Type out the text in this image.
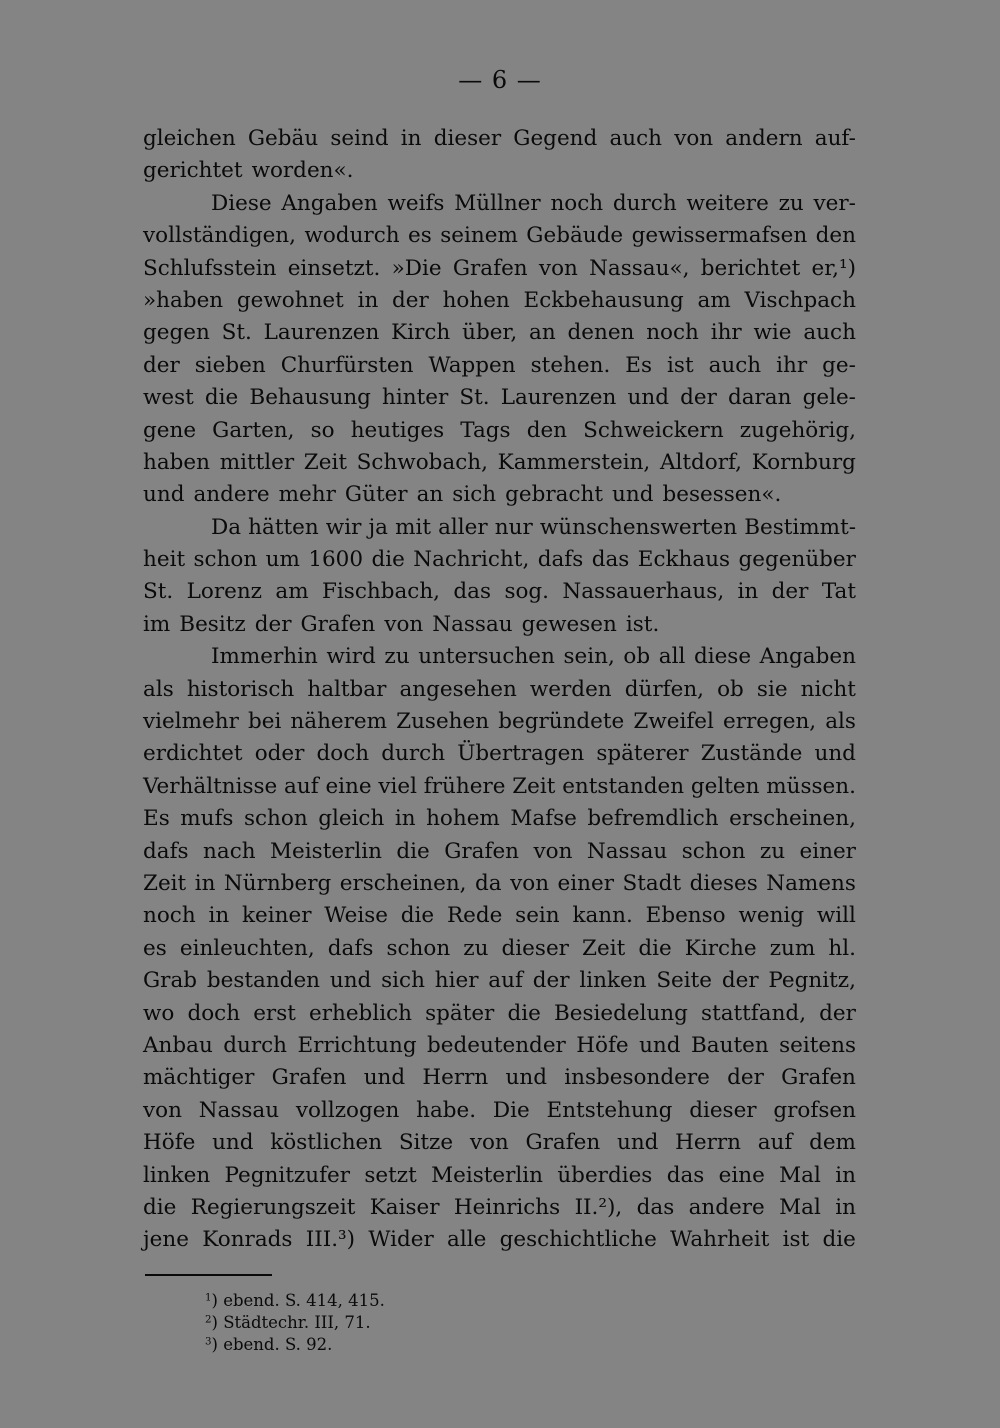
— 6 —
gleichen Gebäu seind in dieser Gegend auch von andern auf-
gerichtet worden«.
Diese Angaben weifs Müllner noch durch weitere zu ver-
vollständigen, wodurch es seinem Gebäude gewissermafsen den
Schlufsstein einsetzt. »Die Grafen von Nassau«, berichtet er,¹)
»haben gewohnet in der hohen Eckbehausung am Vischpach
gegen St. Laurenzen Kirch über, an denen noch ihr wie auch
der sieben Churfürsten Wappen stehen. Es ist auch ihr ge-
west die Behausung hinter St. Laurenzen und der daran gele-
gene Garten, so heutiges Tags den Schweickern zugehörig,
haben mittler Zeit Schwobach, Kammerstein, Altdorf, Kornburg
und andere mehr Güter an sich gebracht und besessen«.
Da hätten wir ja mit aller nur wünschenswerten Bestimmt-
heit schon um 1600 die Nachricht, dafs das Eckhaus gegenüber
St. Lorenz am Fischbach, das sog. Nassauerhaus, in der Tat
im Besitz der Grafen von Nassau gewesen ist.
Immerhin wird zu untersuchen sein, ob all diese Angaben
als historisch haltbar angesehen werden dürfen, ob sie nicht
vielmehr bei näherem Zusehen begründete Zweifel erregen, als
erdichtet oder doch durch Übertragen späterer Zustände und
Verhältnisse auf eine viel frühere Zeit entstanden gelten müssen.
Es mufs schon gleich in hohem Mafse befremdlich erscheinen,
dafs nach Meisterlin die Grafen von Nassau schon zu einer
Zeit in Nürnberg erscheinen, da von einer Stadt dieses Namens
noch in keiner Weise die Rede sein kann. Ebenso wenig will
es einleuchten, dafs schon zu dieser Zeit die Kirche zum hl.
Grab bestanden und sich hier auf der linken Seite der Pegnitz,
wo doch erst erheblich später die Besiedelung stattfand, der
Anbau durch Errichtung bedeutender Höfe und Bauten seitens
mächtiger Grafen und Herrn und insbesondere der Grafen
von Nassau vollzogen habe. Die Entstehung dieser grofsen
Höfe und köstlichen Sitze von Grafen und Herrn auf dem
linken Pegnitzufer setzt Meisterlin überdies das eine Mal in
die Regierungszeit Kaiser Heinrichs II.²), das andere Mal in
jene Konrads III.³) Wider alle geschichtliche Wahrheit ist die
$^1$) ebend. S. 414, 415.
$^2$) Städtechr. III, 71.
$^3$) ebend. S. 92.
